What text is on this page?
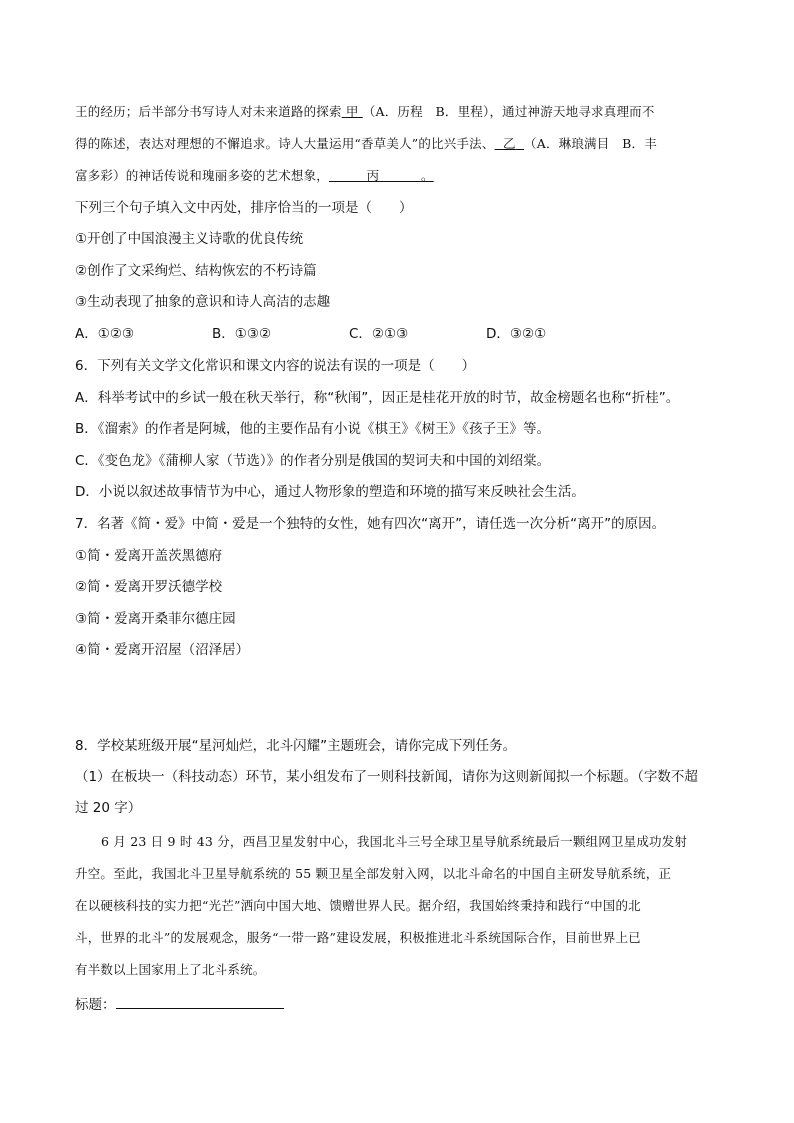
王的经历；后半部分书写诗人对未来道路的探索 甲 （A．历程　B．里程），通过神游天地寻求真理而不
得的陈述，表达对理想的不懈追求。诗人大量运用“香草美人”的比兴手法、 乙 （A．琳琅满目　B．丰
富多彩）的神话传说和瑰丽多姿的艺术想象，	丙	。
下列三个句子填入文中丙处，排序恰当的一项是（　　）
①开创了中国浪漫主义诗歌的优良传统
②创作了文采绚烂、结构恢宏的不朽诗篇
③生动表现了抽象的意识和诗人高洁的志趣
A．①②③	B．①③②	C．②①③	D．③②①
6．下列有关文学文化常识和课文内容的说法有误的一项是（　　）
A．科举考试中的乡试一般在秋天举行，称“秋闱”，因正是桂花开放的时节，故金榜题名也称“折桂”。
B．《溜索》的作者是阿城，他的主要作品有小说《棋王》《树王》《孩子王》等。
C．《变色龙》《蒲柳人家（节选）》的作者分别是俄国的契诃夫和中国的刘绍棠。
D．小说以叙述故事情节为中心，通过人物形象的塑造和环境的描写来反映社会生活。
7．名著《简・爱》中简・爱是一个独特的女性，她有四次“离开”，请任选一次分析“离开”的原因。
①简・爱离开盖茨黑德府
②简・爱离开罗沃德学校
③简・爱离开桑菲尔德庄园
④简・爱离开沼屋（沼泽居）
8．学校某班级开展“星河灿烂，北斗闪耀”主题班会，请你完成下列任务。
（1）在板块一（科技动态）环节，某小组发布了一则科技新闻，请你为这则新闻拟一个标题。（字数不超
过 20 字）
6 月 23 日 9 时 43 分，西昌卫星发射中心，我国北斗三号全球卫星导航系统最后一颗组网卫星成功发射
升空。至此，我国北斗卫星导航系统的 55 颗卫星全部发射入网，以北斗命名的中国自主研发导航系统，正
在以硬核科技的实力把“光芒”洒向中国大地、馈赠世界人民。据介绍，我国始终秉持和践行“中国的北
斗，世界的北斗”的发展观念，服务“一带一路”建设发展，积极推进北斗系统国际合作，目前世界上已
有半数以上国家用上了北斗系统。
标题：
